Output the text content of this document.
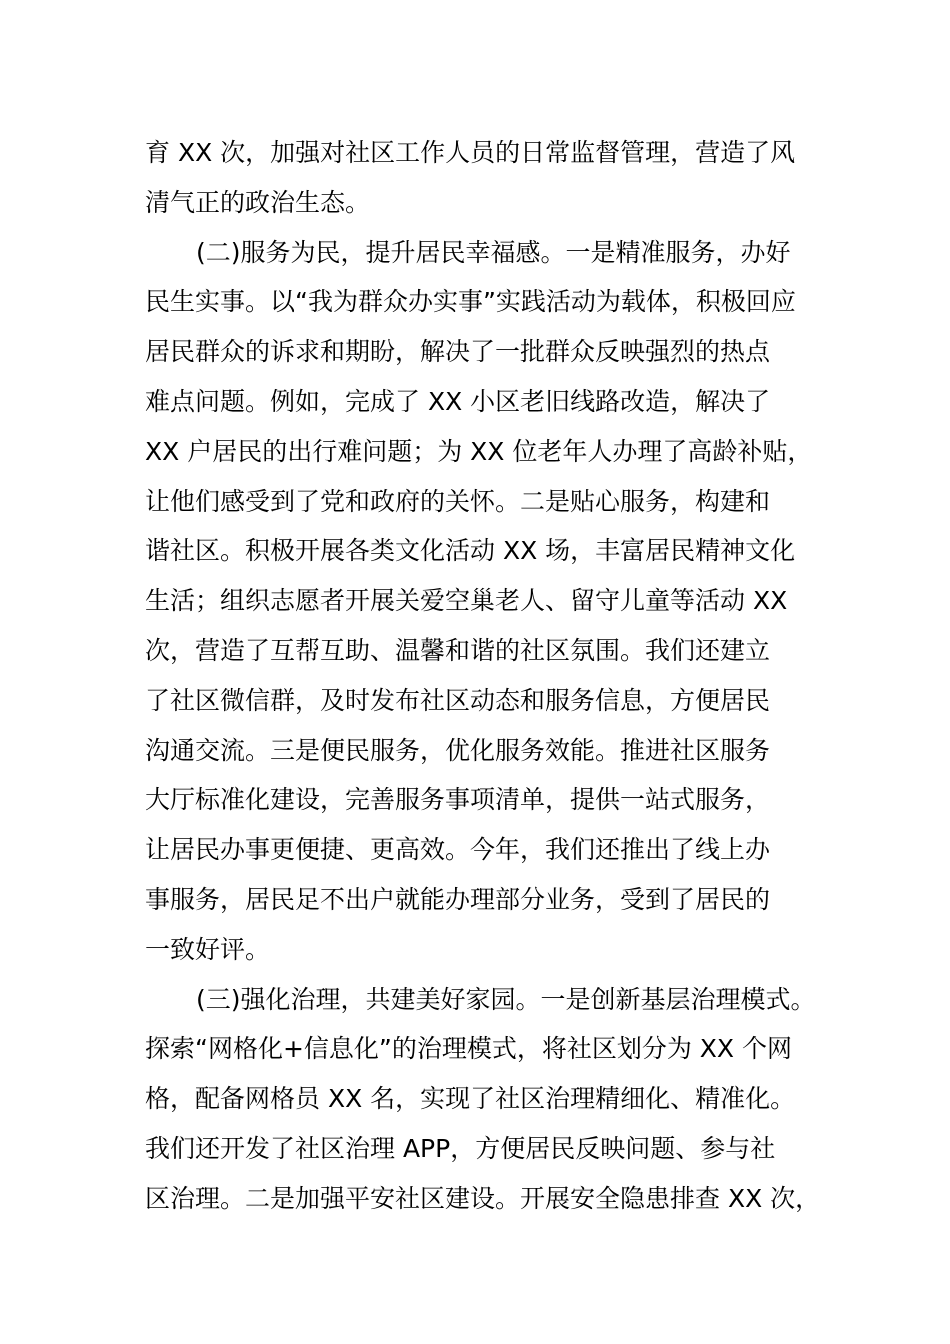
育 XX 次，加强对社区工作人员的日常监督管理，营造了风
清气正的政治生态。
(二)服务为民，提升居民幸福感。一是精准服务，办好
民生实事。以“我为群众办实事”实践活动为载体，积极回应
居民群众的诉求和期盼，解决了一批群众反映强烈的热点
难点问题。例如，完成了 XX 小区老旧线路改造，解决了
XX 户居民的出行难问题；为 XX 位老年人办理了高龄补贴，
让他们感受到了党和政府的关怀。二是贴心服务，构建和
谐社区。积极开展各类文化活动 XX 场，丰富居民精神文化
生活；组织志愿者开展关爱空巢老人、留守儿童等活动 XX
次，营造了互帮互助、温馨和谐的社区氛围。我们还建立
了社区微信群，及时发布社区动态和服务信息，方便居民
沟通交流。三是便民服务，优化服务效能。推进社区服务
大厅标准化建设，完善服务事项清单，提供一站式服务，
让居民办事更便捷、更高效。今年，我们还推出了线上办
事服务，居民足不出户就能办理部分业务，受到了居民的
一致好评。
(三)强化治理，共建美好家园。一是创新基层治理模式。
探索“网格化+信息化”的治理模式，将社区划分为 XX 个网
格，配备网格员 XX 名，实现了社区治理精细化、精准化。
我们还开发了社区治理 APP，方便居民反映问题、参与社
区治理。二是加强平安社区建设。开展安全隐患排查 XX 次，
